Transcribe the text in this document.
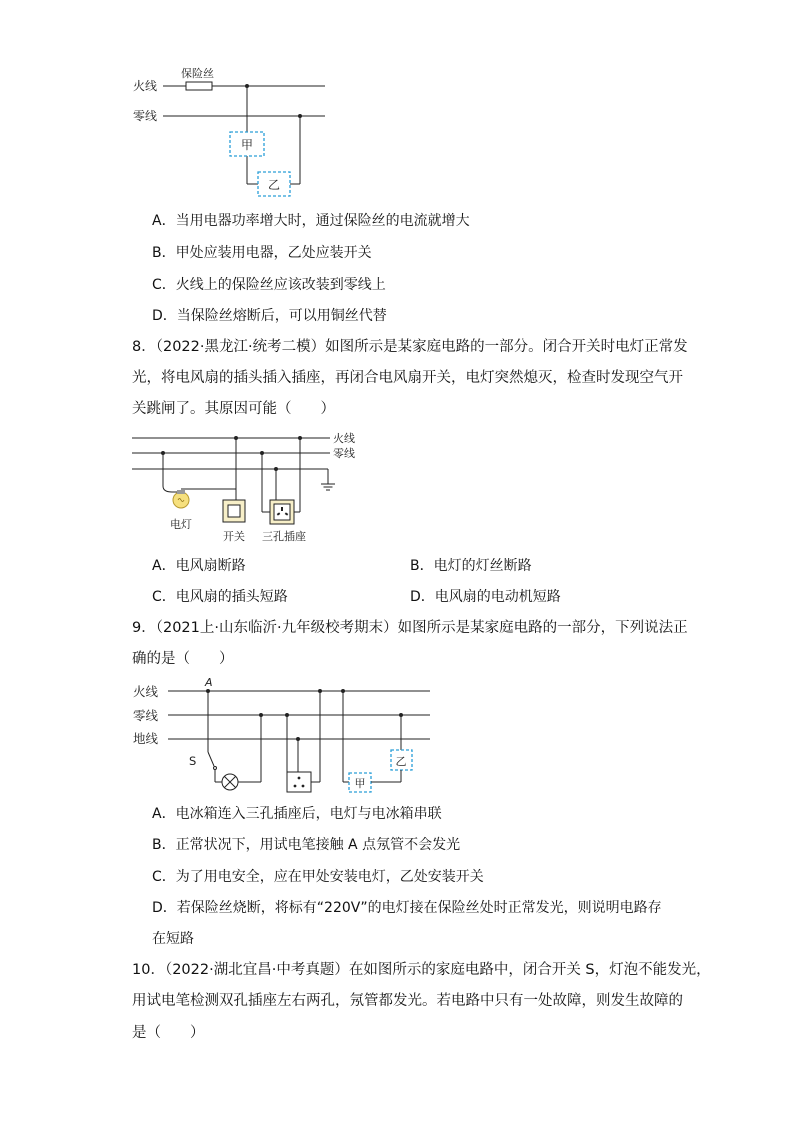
火线
零线
保险丝
甲
乙
A．当用电器功率增大时，通过保险丝的电流就增大
B．甲处应装用电器，乙处应装开关
C．火线上的保险丝应该改装到零线上
D．当保险丝熔断后，可以用铜丝代替
8．（2022·黑龙江·统考二模）如图所示是某家庭电路的一部分。闭合开关时电灯正常发
光，将电风扇的插头插入插座，再闭合电风扇开关，电灯突然熄灭，检查时发现空气开
关跳闸了。其原因可能（　　）
火线
零线
电灯
开关 三孔插座
A．电风扇断路	B．电灯的灯丝断路
C．电风扇的插头短路	D．电风扇的电动机短路
9．（2021上·山东临沂·九年级校考期末）如图所示是某家庭电路的一部分，下列说法正
确的是（　　）
火线
零线
地线
A
S
甲
乙
A．电冰箱连入三孔插座后，电灯与电冰箱串联
B．正常状况下，用试电笔接触 A 点氖管不会发光
C．为了用电安全，应在甲处安装电灯，乙处安装开关
D．若保险丝烧断，将标有“220V”的电灯接在保险丝处时正常发光，则说明电路存
在短路
10．（2022·湖北宜昌·中考真题）在如图所示的家庭电路中，闭合开关 S，灯泡不能发光，
用试电笔检测双孔插座左右两孔，氖管都发光。若电路中只有一处故障，则发生故障的
是（　　）
